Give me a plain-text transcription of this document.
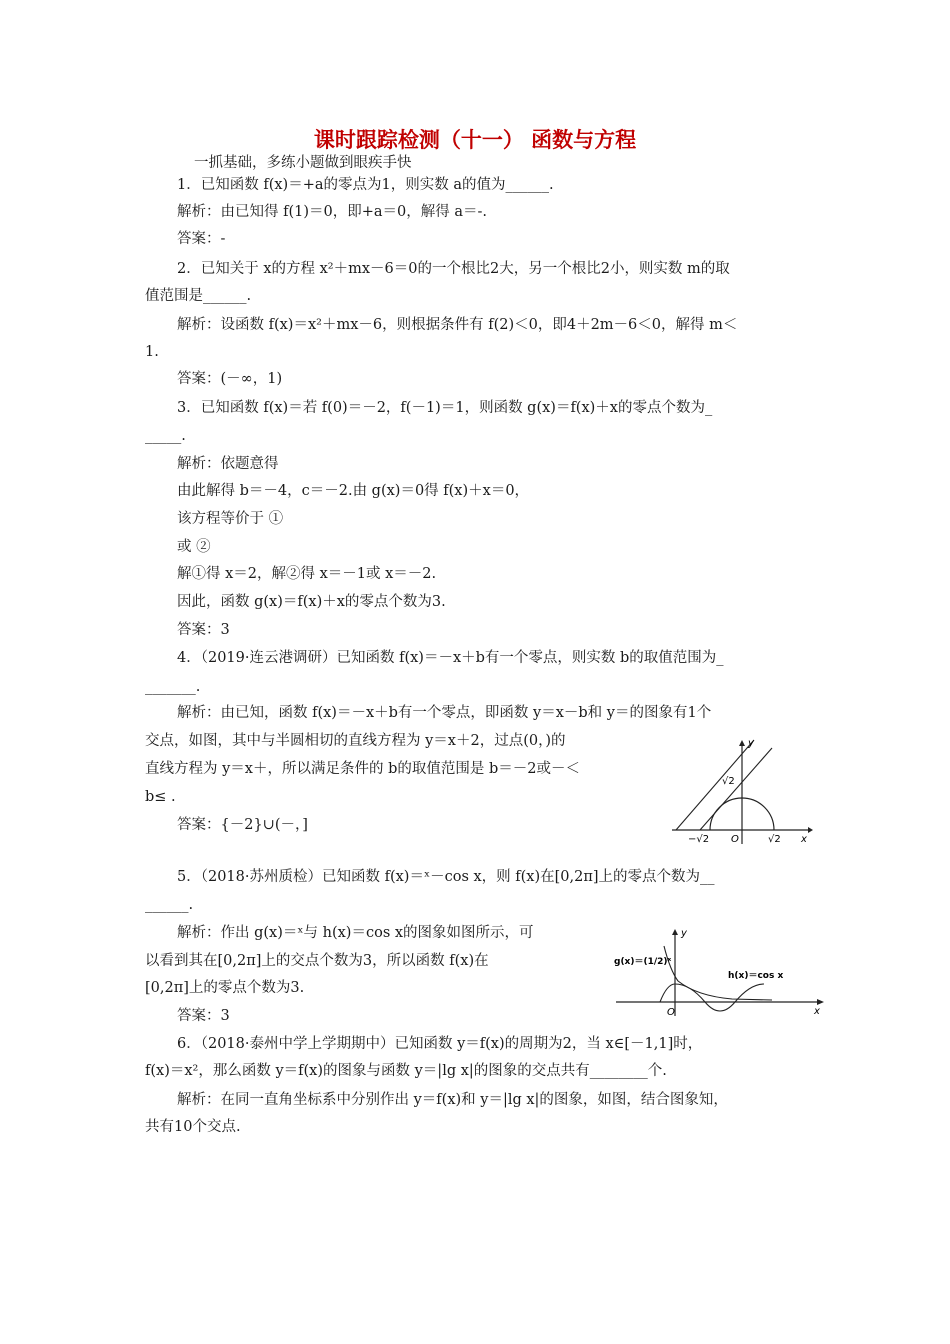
课时跟踪检测（十一） 函数与方程
一抓基础，多练小题做到眼疾手快
1．已知函数 f(x)＝+a的零点为1，则实数 a的值为______.
解析：由已知得 f(1)＝0，即+a＝0，解得 a＝-.
答案：-
2．已知关于 x的方程 x²＋mx－6＝0的一个根比2大，另一个根比2小，则实数 m的取
值范围是______.
解析：设函数 f(x)＝x²＋mx－6，则根据条件有 f(2)＜0，即4＋2m－6＜0，解得 m＜
1.
答案：(－∞，1)
3．已知函数 f(x)＝若 f(0)＝－2，f(－1)＝1，则函数 g(x)＝f(x)＋x的零点个数为_
_____.
解析：依题意得
由此解得 b＝－4，c＝－2.由 g(x)＝0得 f(x)＋x＝0，
该方程等价于 ①
或 ②
解①得 x＝2，解②得 x＝－1或 x＝－2.
因此，函数 g(x)＝f(x)＋x的零点个数为3.
答案：3
4．（2019·连云港调研）已知函数 f(x)＝－x＋b有一个零点，则实数 b的取值范围为_
_______.
解析：由已知，函数 f(x)＝－x＋b有一个零点，即函数 y＝x－b和 y＝的图象有1个
交点，如图，其中与半圆相切的直线方程为 y＝x＋2，过点(0，)的
直线方程为 y＝x＋，所以满足条件的 b的取值范围是 b＝－2或－＜
b≤ .
答案：{－2}∪(－，]
5．（2018·苏州质检）已知函数 f(x)＝ˣ－cos x，则 f(x)在[0,2π]上的零点个数为__
______.
解析：作出 g(x)＝ˣ与 h(x)＝cos x的图象如图所示，可
以看到其在[0,2π]上的交点个数为3，所以函数 f(x)在
[0,2π]上的零点个数为3.
答案：3
6．（2018·泰州中学上学期期中）已知函数 y＝f(x)的周期为2，当 x∈[－1,1]时，
f(x)＝x²，那么函数 y＝f(x)的图象与函数 y＝|lg x|的图象的交点共有________个.
解析：在同一直角坐标系中分别作出 y＝f(x)和 y＝|lg x|的图象，如图，结合图象知，
共有10个交点.
y
x
O
√2
−√2	√2
y
x
O
g(x)＝(1/2)ˣ
h(x)＝cos x
